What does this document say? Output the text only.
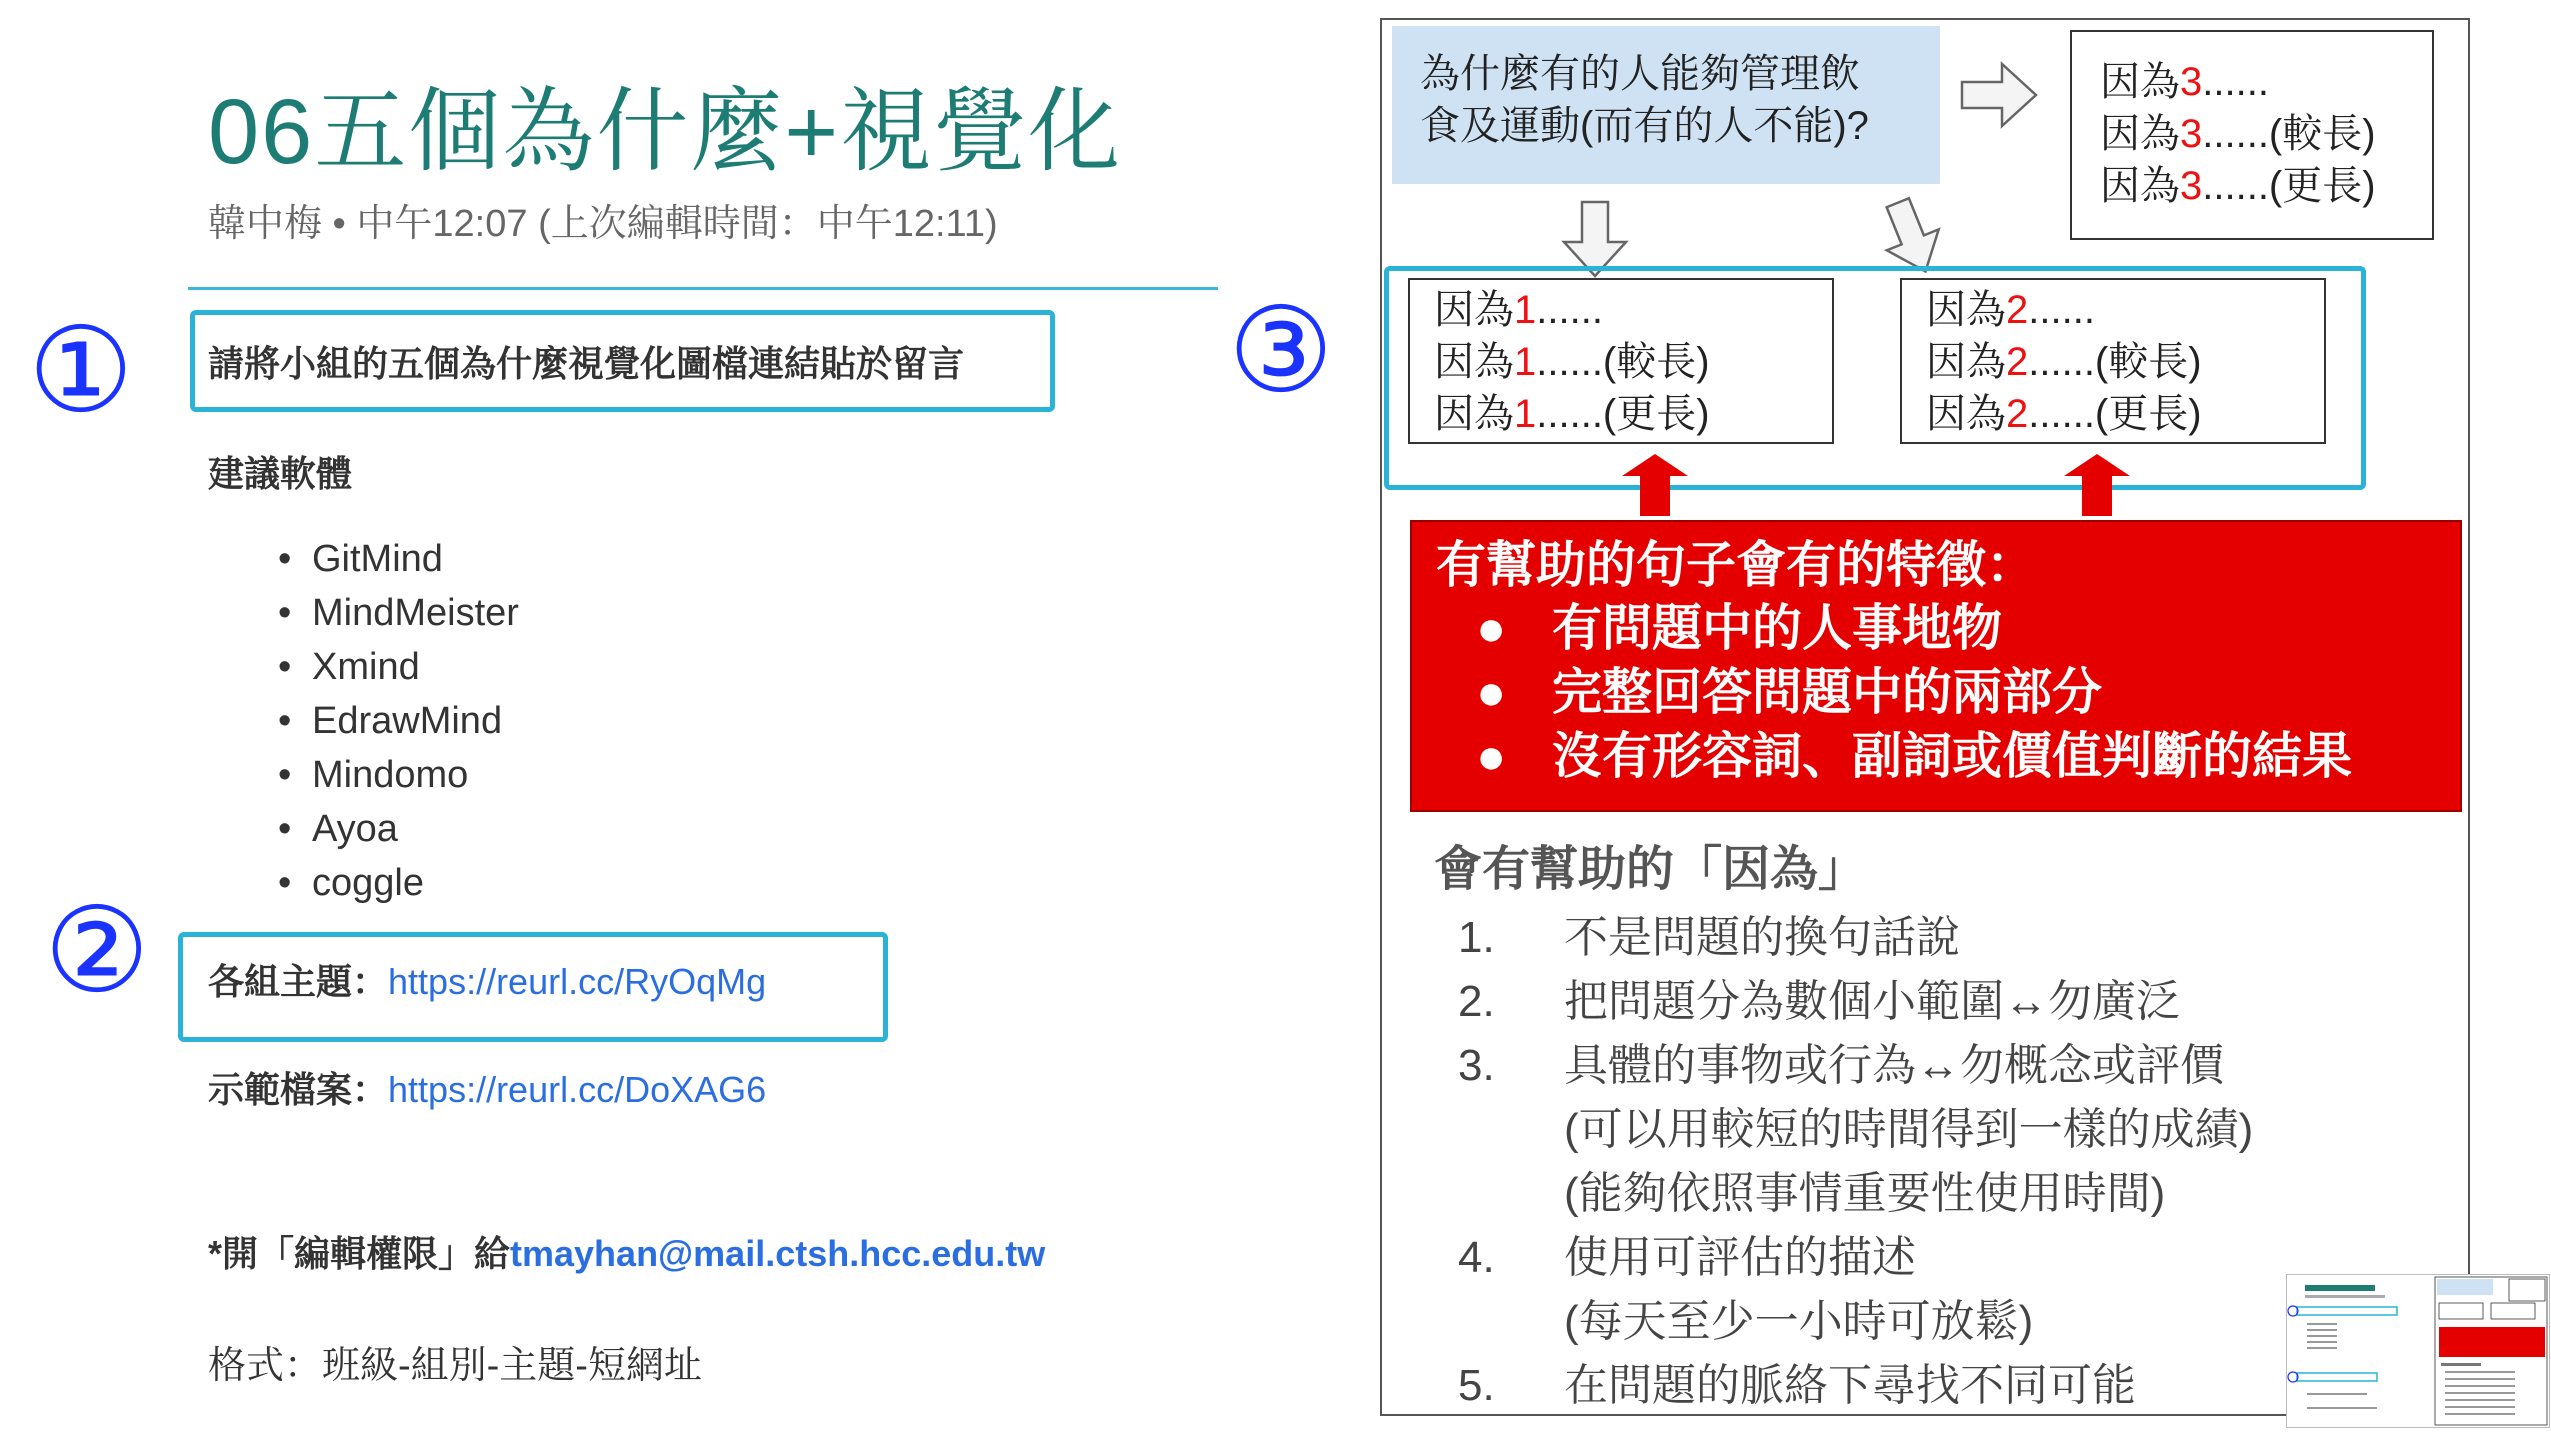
06五個為什麼+視覺化
韓中梅 • 中午12:07 (上次編輯時間：中午12:11)
① 請將小組的五個為什麼視覺化圖檔連結貼於留言
建議軟體
• GitMind
• MindMeister
• Xmind
• EdrawMind
• Mindomo
• Ayoa
• coggle
② 各組主題：https://reurl.cc/RyOqMg
示範檔案：https://reurl.cc/DoXAG6
*開「編輯權限」給tmayhan@mail.ctsh.hcc.edu.tw
格式：班級-組別-主題-短網址
為什麼有的人能夠管理飲
食及運動(而有的人不能)?
因為3......
因為3......(較長)
因為3......(更長)
③	因為1......
因為1......(較長)
因為1......(更長)
因為2......
因為2......(較長)
因為2......(更長)
有幫助的句子會有的特徵：
● 有問題中的人事地物
● 完整回答問題中的兩部分
● 沒有形容詞、副詞或價值判斷的結果
會有幫助的「因為」
1. 不是問題的換句話說
2. 把問題分為數個小範圍↔勿廣泛
3. 具體的事物或行為↔勿概念或評價
(可以用較短的時間得到一樣的成績)
(能夠依照事情重要性使用時間)
4. 使用可評估的描述
(每天至少一小時可放鬆)
5. 在問題的脈絡下尋找不同可能
